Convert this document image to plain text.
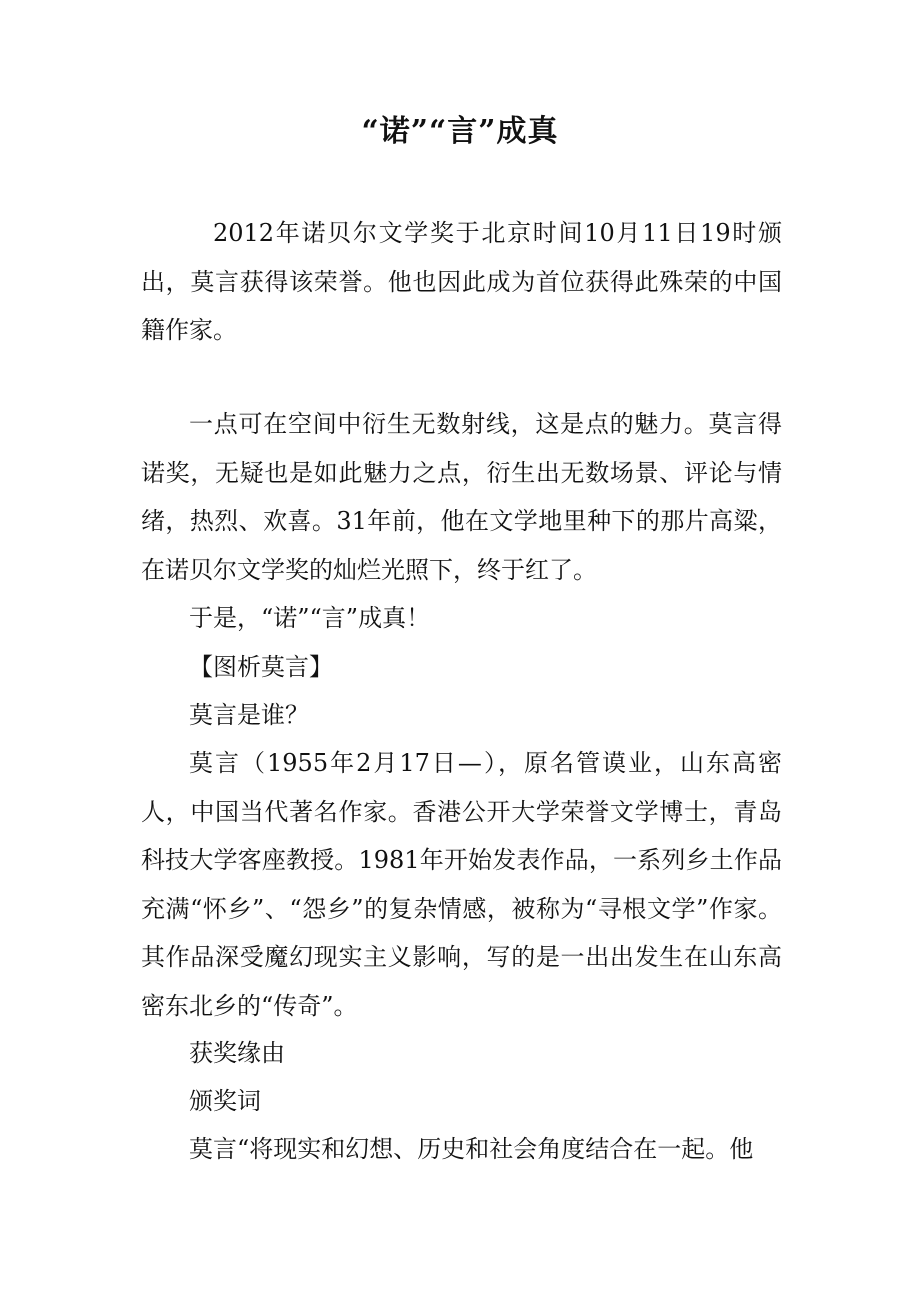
“诺”“言”成真

2012年诺贝尔文学奖于北京时间10月11日19时颁出，莫言获得该荣誉。他也因此成为首位获得此殊荣的中国籍作家。

一点可在空间中衍生无数射线，这是点的魅力。莫言得诺奖，无疑也是如此魅力之点，衍生出无数场景、评论与情绪，热烈、欢喜。31年前，他在文学地里种下的那片高粱，在诺贝尔文学奖的灿烂光照下，终于红了。

于是，“诺”“言”成真！

【图析莫言】

莫言是谁？

莫言（1955年2月17日—），原名管谟业，山东高密人，中国当代著名作家。香港公开大学荣誉文学博士，青岛科技大学客座教授。1981年开始发表作品，一系列乡土作品充满“怀乡”、“怨乡”的复杂情感，被称为“寻根文学”作家。其作品深受魔幻现实主义影响，写的是一出出发生在山东高密东北乡的“传奇”。

获奖缘由

颁奖词

莫言“将现实和幻想、历史和社会角度结合在一起。他
